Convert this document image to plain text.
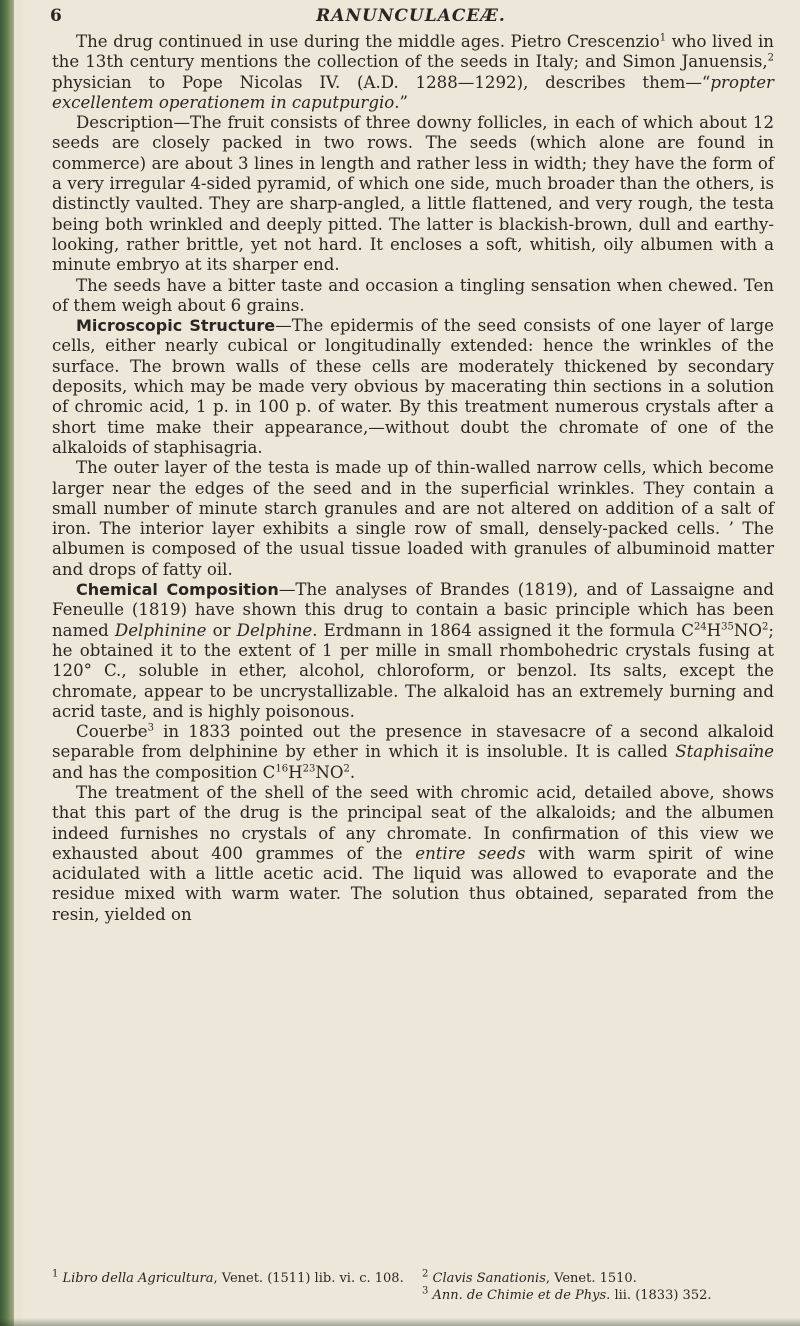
6	RANUNCULACEÆ.

The drug continued in use during the middle ages. Pietro Crescenzio$^1$ who lived in the 13th century mentions the collection of the seeds in Italy; and Simon Januensis,$^2$ physician to Pope Nicolas IV. (A.D. 1288—1292), describes them—“propter excellentem operationem in caputpurgio.”

Description—The fruit consists of three downy follicles, in each of which about 12 seeds are closely packed in two rows. The seeds (which alone are found in commerce) are about 3 lines in length and rather less in width; they have the form of a very irregular 4-sided pyramid, of which one side, much broader than the others, is distinctly vaulted. They are sharp-angled, a little flattened, and very rough, the testa being both wrinkled and deeply pitted. The latter is blackish-brown, dull and earthy-looking, rather brittle, yet not hard. It encloses a soft, whitish, oily albumen with a minute embryo at its sharper end.

The seeds have a bitter taste and occasion a tingling sensation when chewed. Ten of them weigh about 6 grains.

Microscopic Structure—The epidermis of the seed consists of one layer of large cells, either nearly cubical or longitudinally extended: hence the wrinkles of the surface. The brown walls of these cells are moderately thickened by secondary deposits, which may be made very obvious by macerating thin sections in a solution of chromic acid, 1 p. in 100 p. of water. By this treatment numerous crystals after a short time make their appearance,—without doubt the chromate of one of the alkaloids of staphisagria.

The outer layer of the testa is made up of thin-walled narrow cells, which become larger near the edges of the seed and in the superficial wrinkles. They contain a small number of minute starch granules and are not altered on addition of a salt of iron. The interior layer exhibits a single row of small, densely-packed cells. ’ The albumen is composed of the usual tissue loaded with granules of albuminoid matter and drops of fatty oil.

Chemical Composition—The analyses of Brandes (1819), and of Lassaigne and Feneulle (1819) have shown this drug to contain a basic principle which has been named Delphinine or Delphine. Erdmann in 1864 assigned it the formula $C^{24}H^{35}NO^2$; he obtained it to the extent of 1 per mille in small rhombohedric crystals fusing at 120° C., soluble in ether, alcohol, chloroform, or benzol. Its salts, except the chromate, appear to be uncrystallizable. The alkaloid has an extremely burning and acrid taste, and is highly poisonous.

Couerbe$^3$ in 1833 pointed out the presence in stavesacre of a second alkaloid separable from delphinine by ether in which it is insoluble. It is called Staphisaïne and has the composition $C^{16}H^{23}NO^2$.

The treatment of the shell of the seed with chromic acid, detailed above, shows that this part of the drug is the principal seat of the alkaloids; and the albumen indeed furnishes no crystals of any chromate. In confirmation of this view we exhausted about 400 grammes of the entire seeds with warm spirit of wine acidulated with a little acetic acid. The liquid was allowed to evaporate and the residue mixed with warm water. The solution thus obtained, separated from the resin, yielded on

$^1$ Libro della Agricultura, Venet. (1511) lib. vi. c. 108. $^2$ Clavis Sanationis, Venet. 1510.
$^3$ Ann. de Chimie et de Phys. lii. (1833) 352.
